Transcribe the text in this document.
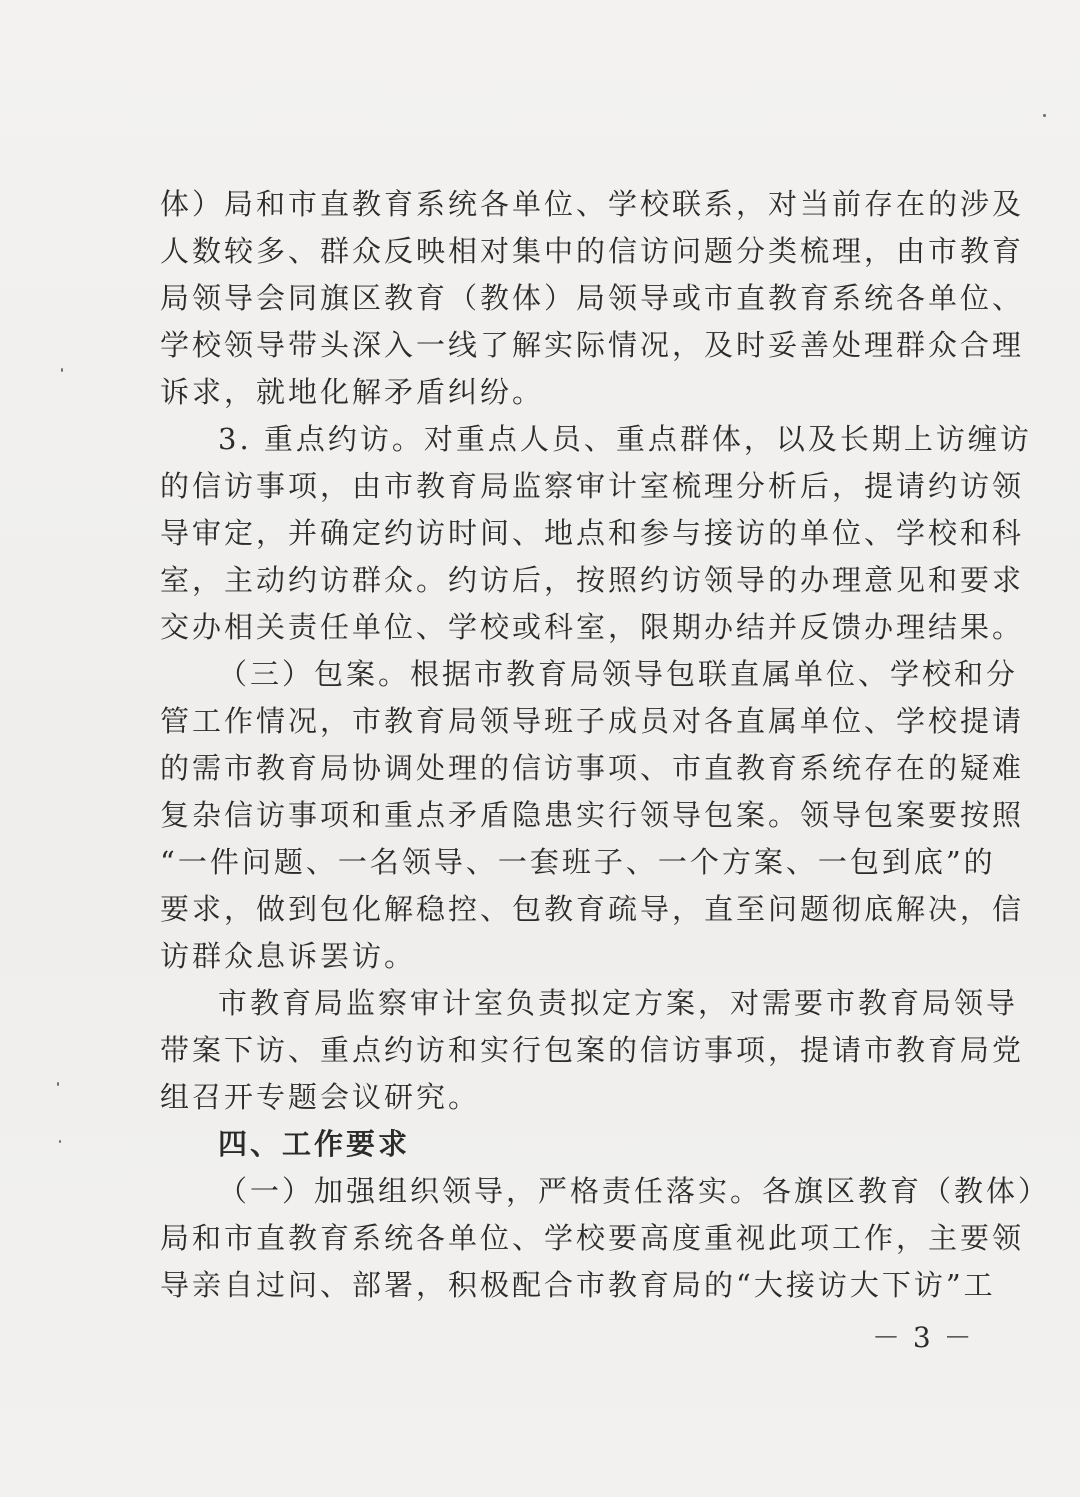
体）局和市直教育系统各单位、学校联系，对当前存在的涉及
人数较多、群众反映相对集中的信访问题分类梳理，由市教育
局领导会同旗区教育（教体）局领导或市直教育系统各单位、
学校领导带头深入一线了解实际情况，及时妥善处理群众合理
诉求，就地化解矛盾纠纷。
3. 重点约访。对重点人员、重点群体，以及长期上访缠访
的信访事项，由市教育局监察审计室梳理分析后，提请约访领
导审定，并确定约访时间、地点和参与接访的单位、学校和科
室，主动约访群众。约访后，按照约访领导的办理意见和要求
交办相关责任单位、学校或科室，限期办结并反馈办理结果。
（三）包案。根据市教育局领导包联直属单位、学校和分
管工作情况，市教育局领导班子成员对各直属单位、学校提请
的需市教育局协调处理的信访事项、市直教育系统存在的疑难
复杂信访事项和重点矛盾隐患实行领导包案。领导包案要按照
“一件问题、一名领导、一套班子、一个方案、一包到底”的
要求，做到包化解稳控、包教育疏导，直至问题彻底解决，信
访群众息诉罢访。
市教育局监察审计室负责拟定方案，对需要市教育局领导
带案下访、重点约访和实行包案的信访事项，提请市教育局党
组召开专题会议研究。
四、工作要求
（一）加强组织领导，严格责任落实。各旗区教育（教体）
局和市直教育系统各单位、学校要高度重视此项工作，主要领
导亲自过问、部署，积极配合市教育局的“大接访大下访”工
－ 3 －
